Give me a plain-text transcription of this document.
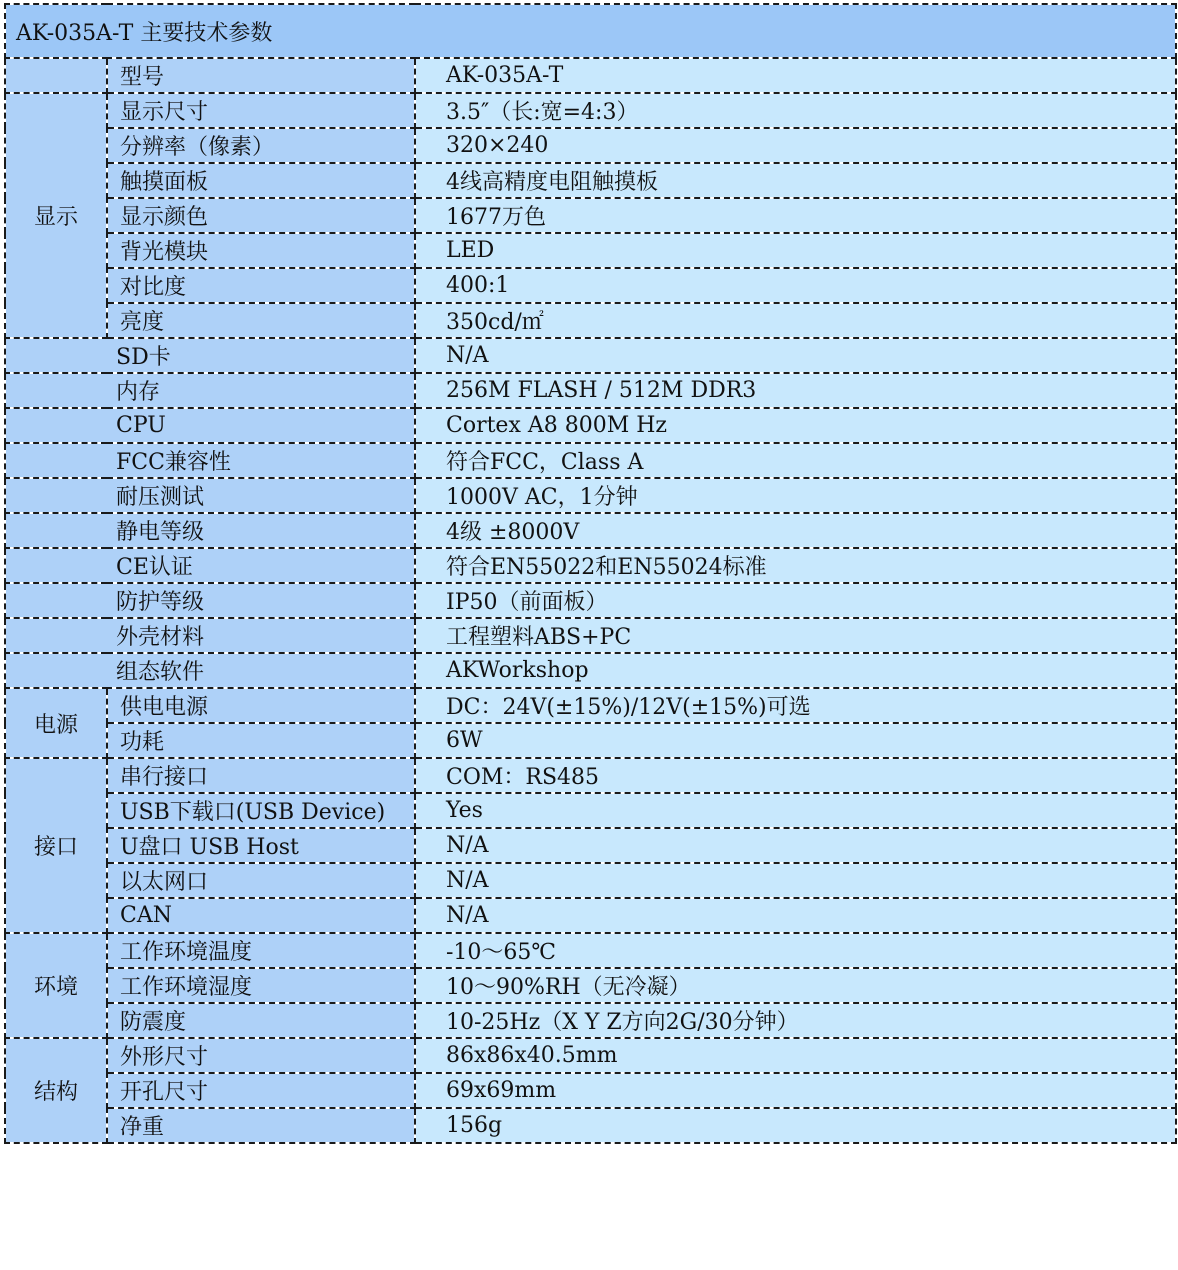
AK-035A-T 主要技术参数		
	型号	AK-035A-T
显示	显示尺寸	3.5″（长:宽=4:3）
	分辨率（像素）	320×240
	触摸面板	4线高精度电阻触摸板
	显示颜色	1677万色
	背光模块	LED
	对比度	400:1
	亮度	350cd/㎡
SD卡		N/A
内存		256M FLASH / 512M DDR3
CPU		Cortex A8 800M Hz
FCC兼容性		符合FCC，Class A
耐压测试		1000V AC，1分钟
静电等级		4级 ±8000V
CE认证		符合EN55022和EN55024标准
防护等级		IP50（前面板）
外壳材料		工程塑料ABS+PC
组态软件		AKWorkshop
电源	供电电源	DC：24V(±15%)/12V(±15%)可选
	功耗	6W
接口	串行接口	COM：RS485
	USB下载口(USB Device)	Yes
	U盘口 USB Host	N/A
	以太网口	N/A
	CAN	N/A
环境	工作环境温度	-10～65℃
	工作环境湿度	10～90%RH（无冷凝）
	防震度	10-25Hz（X Y Z方向2G/30分钟）
结构	外形尺寸	86x86x40.5mm
	开孔尺寸	69x69mm
	净重	156g
